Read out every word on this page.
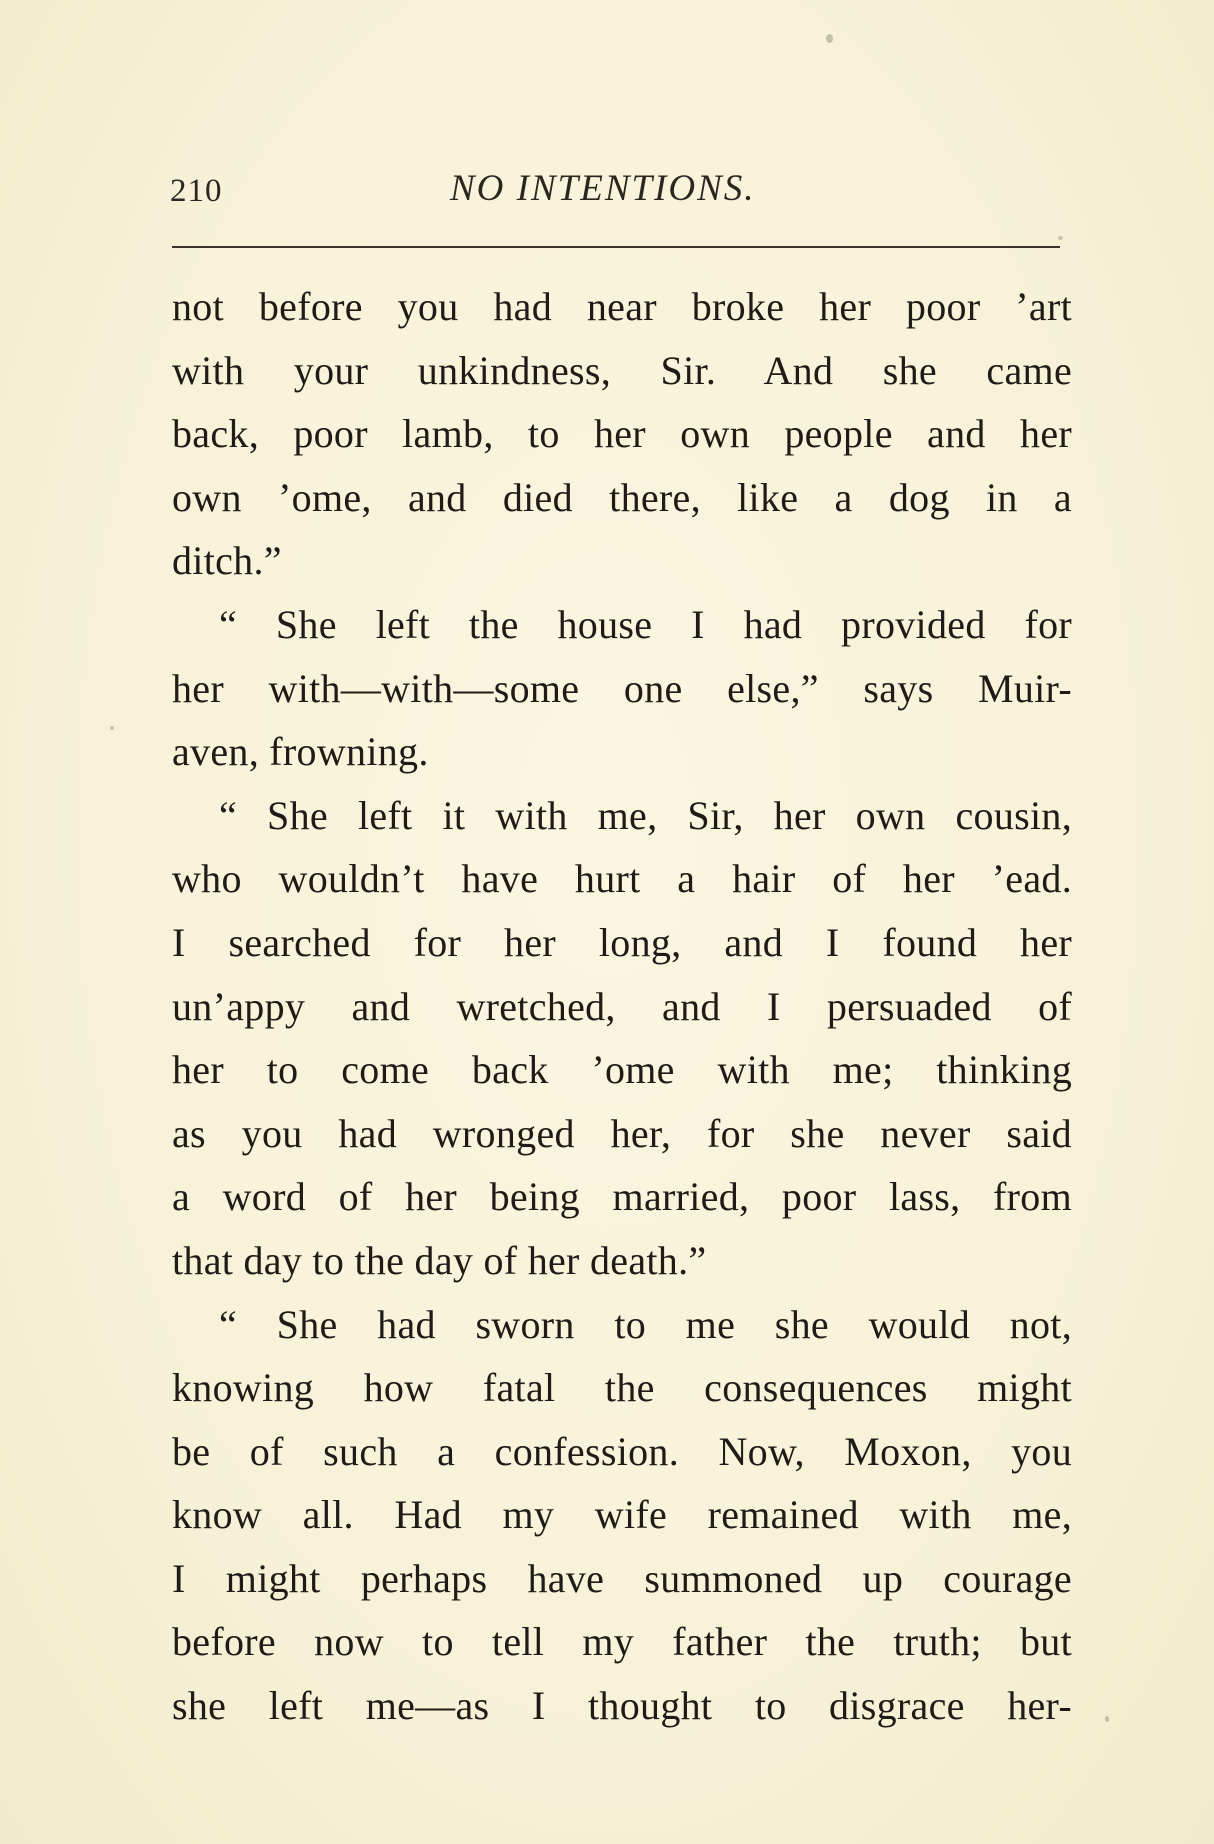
210	NO INTENTIONS.
not before you had near broke her poor ’art
with your unkindness, Sir. And she came
back, poor lamb, to her own people and her
own ’ome, and died there, like a dog in a
ditch.”
“ She left the house I had provided for
her with—with—some one else,” says Muir-
aven, frowning.
“ She left it with me, Sir, her own cousin,
who wouldn’t have hurt a hair of her ’ead.
I searched for her long, and I found her
un’appy and wretched, and I persuaded of
her to come back ’ome with me; thinking
as you had wronged her, for she never said
a word of her being married, poor lass, from
that day to the day of her death.”
“ She had sworn to me she would not,
knowing how fatal the consequences might
be of such a confession. Now, Moxon, you
know all. Had my wife remained with me,
I might perhaps have summoned up courage
before now to tell my father the truth; but
she left me—as I thought to disgrace her-
